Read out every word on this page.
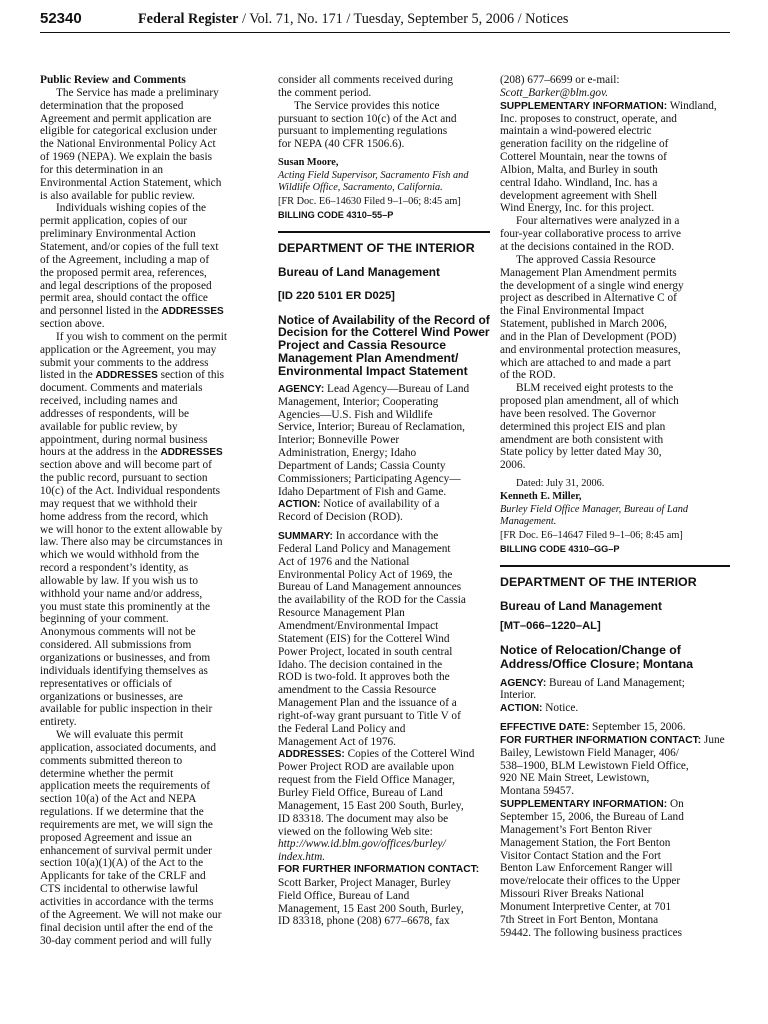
52340	Federal Register / Vol. 71, No. 171 / Tuesday, September 5, 2006 / Notices
Public Review and Comments
The Service has made a preliminary
determination that the proposed
Agreement and permit application are
eligible for categorical exclusion under
the National Environmental Policy Act
of 1969 (NEPA). We explain the basis
for this determination in an
Environmental Action Statement, which
is also available for public review.
Individuals wishing copies of the
permit application, copies of our
preliminary Environmental Action
Statement, and/or copies of the full text
of the Agreement, including a map of
the proposed permit area, references,
and legal descriptions of the proposed
permit area, should contact the office
and personnel listed in the ADDRESSES
section above.
If you wish to comment on the permit
application or the Agreement, you may
submit your comments to the address
listed in the ADDRESSES section of this
document. Comments and materials
received, including names and
addresses of respondents, will be
available for public review, by
appointment, during normal business
hours at the address in the ADDRESSES
section above and will become part of
the public record, pursuant to section
10(c) of the Act. Individual respondents
may request that we withhold their
home address from the record, which
we will honor to the extent allowable by
law. There also may be circumstances in
which we would withhold from the
record a respondent’s identity, as
allowable by law. If you wish us to
withhold your name and/or address,
you must state this prominently at the
beginning of your comment.
Anonymous comments will not be
considered. All submissions from
organizations or businesses, and from
individuals identifying themselves as
representatives or officials of
organizations or businesses, are
available for public inspection in their
entirety.
We will evaluate this permit
application, associated documents, and
comments submitted thereon to
determine whether the permit
application meets the requirements of
section 10(a) of the Act and NEPA
regulations. If we determine that the
requirements are met, we will sign the
proposed Agreement and issue an
enhancement of survival permit under
section 10(a)(1)(A) of the Act to the
Applicants for take of the CRLF and
CTS incidental to otherwise lawful
activities in accordance with the terms
of the Agreement. We will not make our
final decision until after the end of the
30-day comment period and will fully
consider all comments received during
the comment period.
The Service provides this notice
pursuant to section 10(c) of the Act and
pursuant to implementing regulations
for NEPA (40 CFR 1506.6).
Susan Moore,
Acting Field Supervisor, Sacramento Fish and
Wildlife Office, Sacramento, California.
[FR Doc. E6–14630 Filed 9–1–06; 8:45 am]
BILLING CODE 4310–55–P
DEPARTMENT OF THE INTERIOR
Bureau of Land Management
[ID 220 5101 ER D025]
Notice of Availability of the Record of
Decision for the Cotterel Wind Power
Project and Cassia Resource
Management Plan Amendment/
Environmental Impact Statement
AGENCY: Lead Agency—Bureau of Land
Management, Interior; Cooperating
Agencies—U.S. Fish and Wildlife
Service, Interior; Bureau of Reclamation,
Interior; Bonneville Power
Administration, Energy; Idaho
Department of Lands; Cassia County
Commissioners; Participating Agency—
Idaho Department of Fish and Game.
ACTION: Notice of availability of a
Record of Decision (ROD).
SUMMARY: In accordance with the
Federal Land Policy and Management
Act of 1976 and the National
Environmental Policy Act of 1969, the
Bureau of Land Management announces
the availability of the ROD for the Cassia
Resource Management Plan
Amendment/Environmental Impact
Statement (EIS) for the Cotterel Wind
Power Project, located in south central
Idaho. The decision contained in the
ROD is two-fold. It approves both the
amendment to the Cassia Resource
Management Plan and the issuance of a
right-of-way grant pursuant to Title V of
the Federal Land Policy and
Management Act of 1976.
ADDRESSES: Copies of the Cotterel Wind
Power Project ROD are available upon
request from the Field Office Manager,
Burley Field Office, Bureau of Land
Management, 15 East 200 South, Burley,
ID 83318. The document may also be
viewed on the following Web site:
http://www.id.blm.gov/offices/burley/
index.htm.
FOR FURTHER INFORMATION CONTACT:
Scott Barker, Project Manager, Burley
Field Office, Bureau of Land
Management, 15 East 200 South, Burley,
ID 83318, phone (208) 677–6678, fax
(208) 677–6699 or e-mail:
Scott_Barker@blm.gov.
SUPPLEMENTARY INFORMATION: Windland,
Inc. proposes to construct, operate, and
maintain a wind-powered electric
generation facility on the ridgeline of
Cotterel Mountain, near the towns of
Albion, Malta, and Burley in south
central Idaho. Windland, Inc. has a
development agreement with Shell
Wind Energy, Inc. for this project.
Four alternatives were analyzed in a
four-year collaborative process to arrive
at the decisions contained in the ROD.
The approved Cassia Resource
Management Plan Amendment permits
the development of a single wind energy
project as described in Alternative C of
the Final Environmental Impact
Statement, published in March 2006,
and in the Plan of Development (POD)
and environmental protection measures,
which are attached to and made a part
of the ROD.
BLM received eight protests to the
proposed plan amendment, all of which
have been resolved. The Governor
determined this project EIS and plan
amendment are both consistent with
State policy by letter dated May 30,
2006.
Dated: July 31, 2006.
Kenneth E. Miller,
Burley Field Office Manager, Bureau of Land
Management.
[FR Doc. E6–14647 Filed 9–1–06; 8:45 am]
BILLING CODE 4310–GG–P
DEPARTMENT OF THE INTERIOR
Bureau of Land Management
[MT–066–1220–AL]
Notice of Relocation/Change of
Address/Office Closure; Montana
AGENCY: Bureau of Land Management;
Interior.
ACTION: Notice.
EFFECTIVE DATE: September 15, 2006.
FOR FURTHER INFORMATION CONTACT: June
Bailey, Lewistown Field Manager, 406/
538–1900, BLM Lewistown Field Office,
920 NE Main Street, Lewistown,
Montana 59457.
SUPPLEMENTARY INFORMATION: On
September 15, 2006, the Bureau of Land
Management’s Fort Benton River
Management Station, the Fort Benton
Visitor Contact Station and the Fort
Benton Law Enforcement Ranger will
move/relocate their offices to the Upper
Missouri River Breaks National
Monument Interpretive Center, at 701
7th Street in Fort Benton, Montana
59442. The following business practices
